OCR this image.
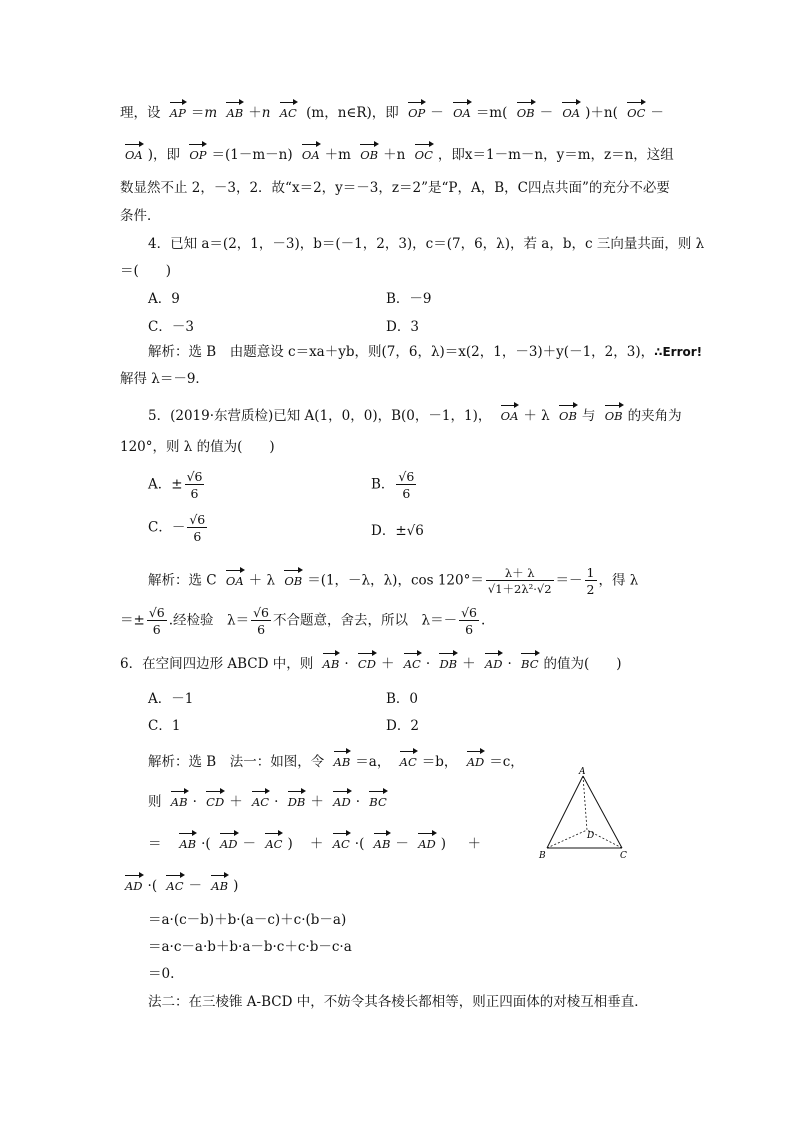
理，设 AP ＝m AB ＋n AC (m，n∈R)，即 OP － OA ＝m( OB － OA )＋n( OC －
OA )，即 OP ＝(1－m－n) OA ＋m OB ＋n OC ，即x＝1－m－n，y＝m，z＝n，这组
数显然不止 2，－3，2．故“x＝2，y＝－3，z＝2”是“P，A，B，C四点共面”的充分不必要
条件．
4．已知 a＝(2，1，－3)，b＝(－1，2，3)，c＝(7，6，λ)，若 a，b，c 三向量共面，则 λ
＝(　　)
A．9	B．－9
C．－3	D．3
解析：选 B　由题意设 c＝xa＋yb，则(7，6，λ)＝x(2，1，－3)＋y(－1，2，3)，∴Error!
解得 λ＝－9．
5．(2019·东营质检)已知 A(1，0，0)，B(0，－1，1)， OA ＋ λ OB 与 OB 的夹角为
120°，则 λ 的值为(　　)
A．± $\frac{√6}{6}$	B． $\frac{√6}{6}$
C．－ $\frac{√6}{6}$	D．±√6
解析：选 C OA ＋ λ OB ＝(1，－λ，λ)，$\cos 120^\circ= \frac{\lambda+ \lambda}{\text{√1＋2λ²·√2}} =- \frac{1}{2}$ ，得 λ
＝± $\frac{√6}{6}$ .经检验　$\lambda= \frac{√6}{6}$ 不合题意，舍去，所以　$\lambda=- \frac{√6}{6}$ .
6．在空间四边形 ABCD 中，则 AB · CD ＋ AC · DB ＋ AD · BC 的值为(　　)
A．－1	B．0
C．1	D．2
解析：选 B　法一：如图，令 AB ＝a， AC ＝b， AD ＝c，
则 AB · CD ＋ AC · DB ＋ AD · BC
＝ AB ·( AD － AC ) ＋ AC ·( AB － AD ) ＋
AD ·( AC － AB )
＝a·(c－b)＋b·(a－c)＋c·(b－a)
＝a·c－a·b＋b·a－b·c＋c·b－c·a
＝0.
法二：在三棱锥 A-BCD 中，不妨令其各棱长都相等，则正四面体的对棱互相垂直．
A
B	C
D
